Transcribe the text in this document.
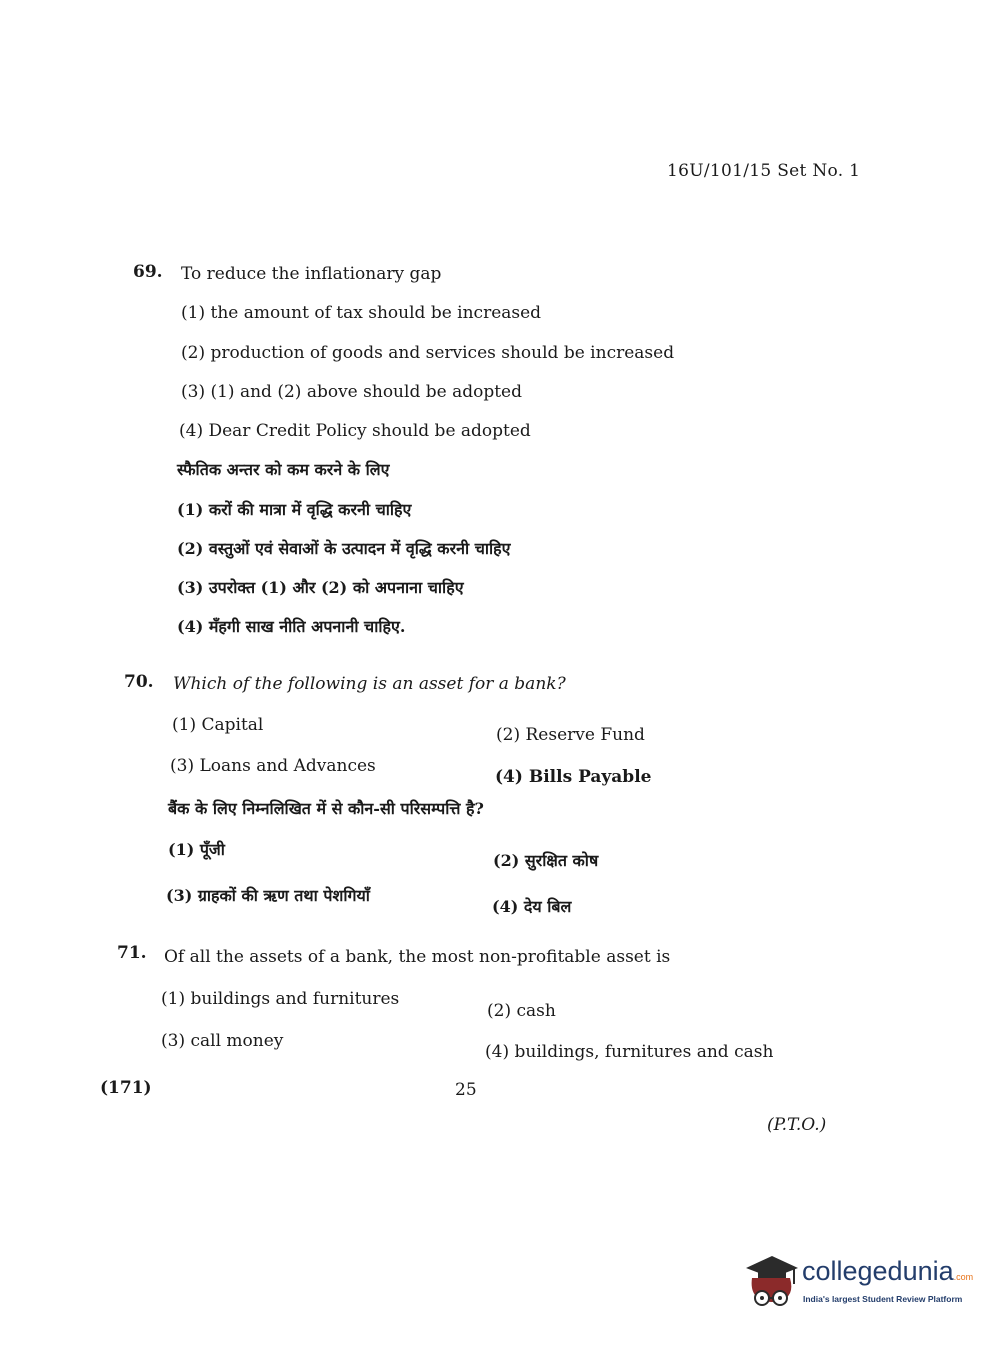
16U/101/15 Set No. 1
69. To reduce the inflationary gap
(1) the amount of tax should be increased
(2) production of goods and services should be increased
(3) (1) and (2) above should be adopted
(4) Dear Credit Policy should be adopted
स्फैतिक अन्तर को कम करने के लिए
(1) करों की मात्रा में वृद्धि करनी चाहिए
(2) वस्तुओं एवं सेवाओं के उत्पादन में वृद्धि करनी चाहिए
(3) उपरोक्त (1) और (2) को अपनाना चाहिए
(4) मँहगी साख नीति अपनानी चाहिए.
70. Which of the following is an asset for a bank?
(1) Capital	(2) Reserve Fund
(3) Loans and Advances
(4) Bills Payable
बैंक के लिए निम्नलिखित में से कौन-सी परिसम्पत्ति है?
(1) पूँजी
(2) सुरक्षित कोष
(3) ग्राहकों की ऋण तथा पेशगियाँ
(4) देय बिल
71. Of all the assets of a bank, the most non-profitable asset is
(1) buildings and furnitures
(2) cash
(3) call money
(4) buildings, furnitures and cash
(171)	25
(P.T.O.)
collegedunia.com
India's largest Student Review Platform
